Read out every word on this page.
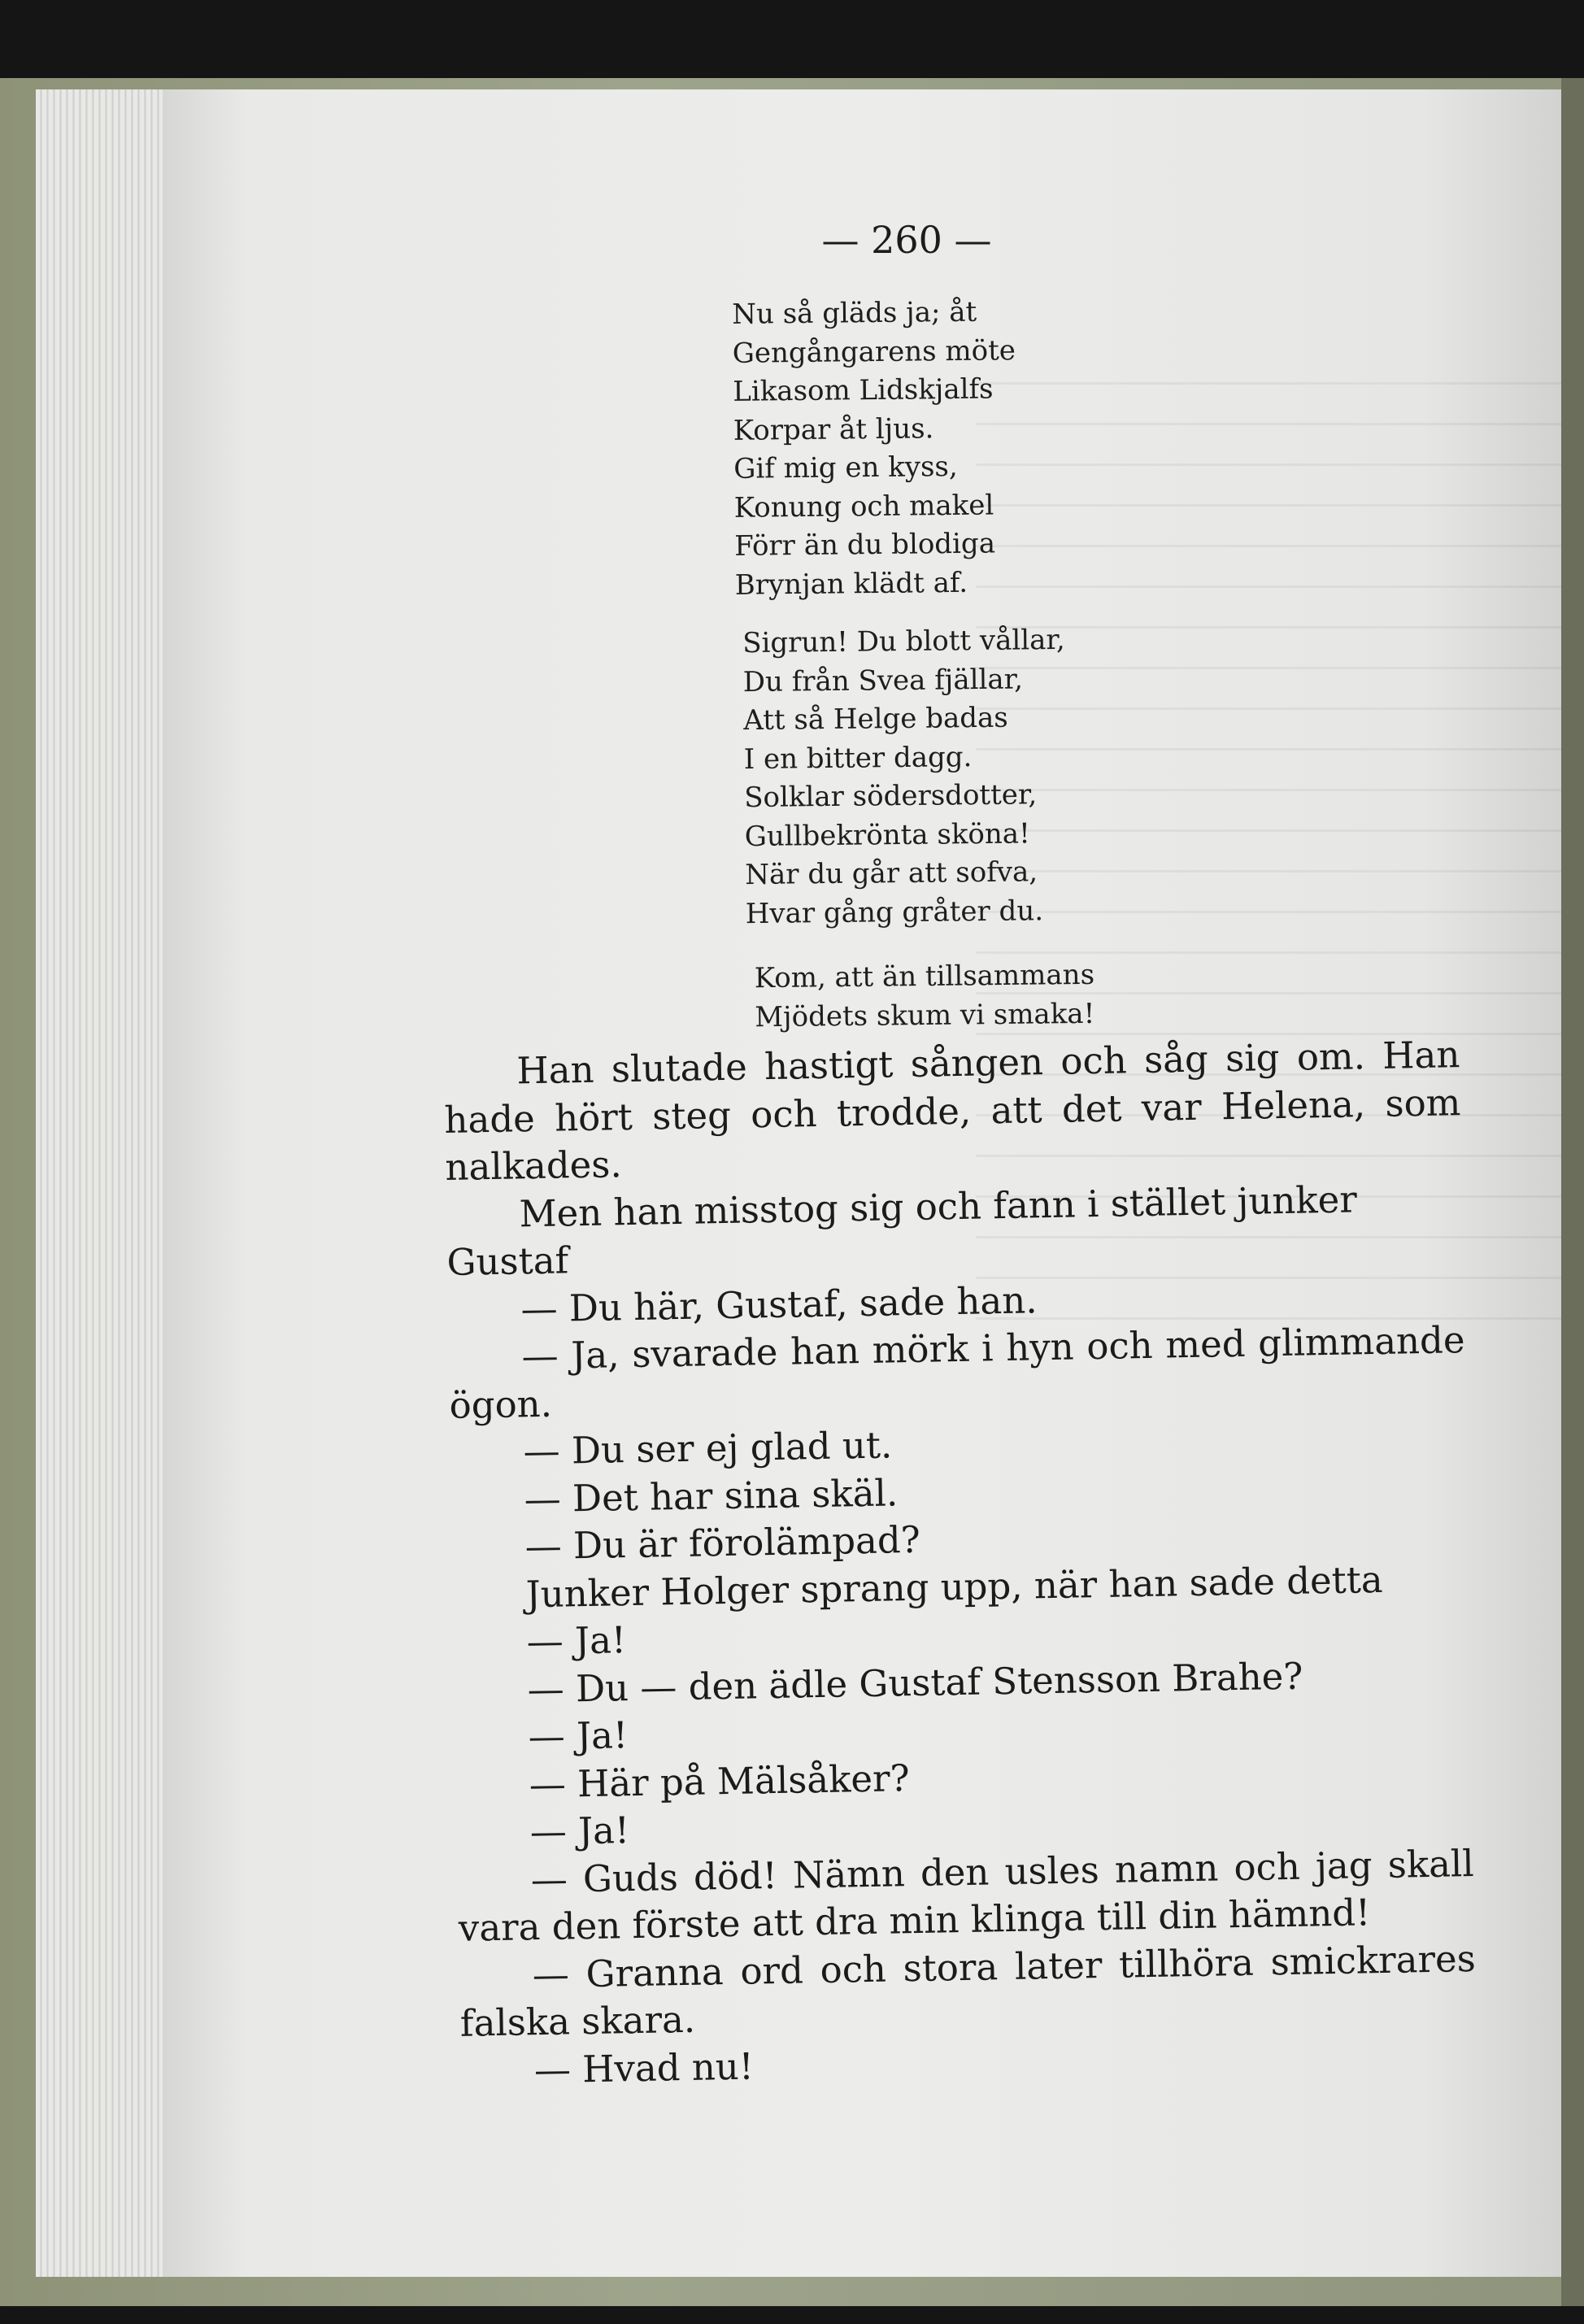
— 260 —
Nu så gläds ja; åt
Gengångarens möte
Likasom Lidskjalfs
Korpar åt ljus.
Gif mig en kyss,
Konung och makel
Förr än du blodiga
Brynjan klädt af.
Sigrun! Du blott vållar,
Du från Svea fjällar,
Att så Helge badas
I en bitter dagg.
Solklar södersdotter,
Gullbekrönta sköna!
När du går att sofva,
Hvar gång gråter du.
Kom, att än tillsammans
Mjödets skum vi smaka!

Han slutade hastigt sången och såg sig om. Han hade hört steg och trodde, att det var Helena, som nalkades.

Men han misstog sig och fann i stället junker Gustaf

— Du här, Gustaf, sade han.

— Ja, svarade han mörk i hyn och med glimmande ögon.

— Du ser ej glad ut.

— Det har sina skäl.

— Du är förolämpad?

Junker Holger sprang upp, när han sade detta

— Ja!

— Du — den ädle Gustaf Stensson Brahe?

— Ja!

— Här på Mälsåker?

— Ja!

— Guds död! Nämn den usles namn och jag skall vara den förste att dra min klinga till din hämnd!

— Granna ord och stora later tillhöra smickrares falska skara.

— Hvad nu!
